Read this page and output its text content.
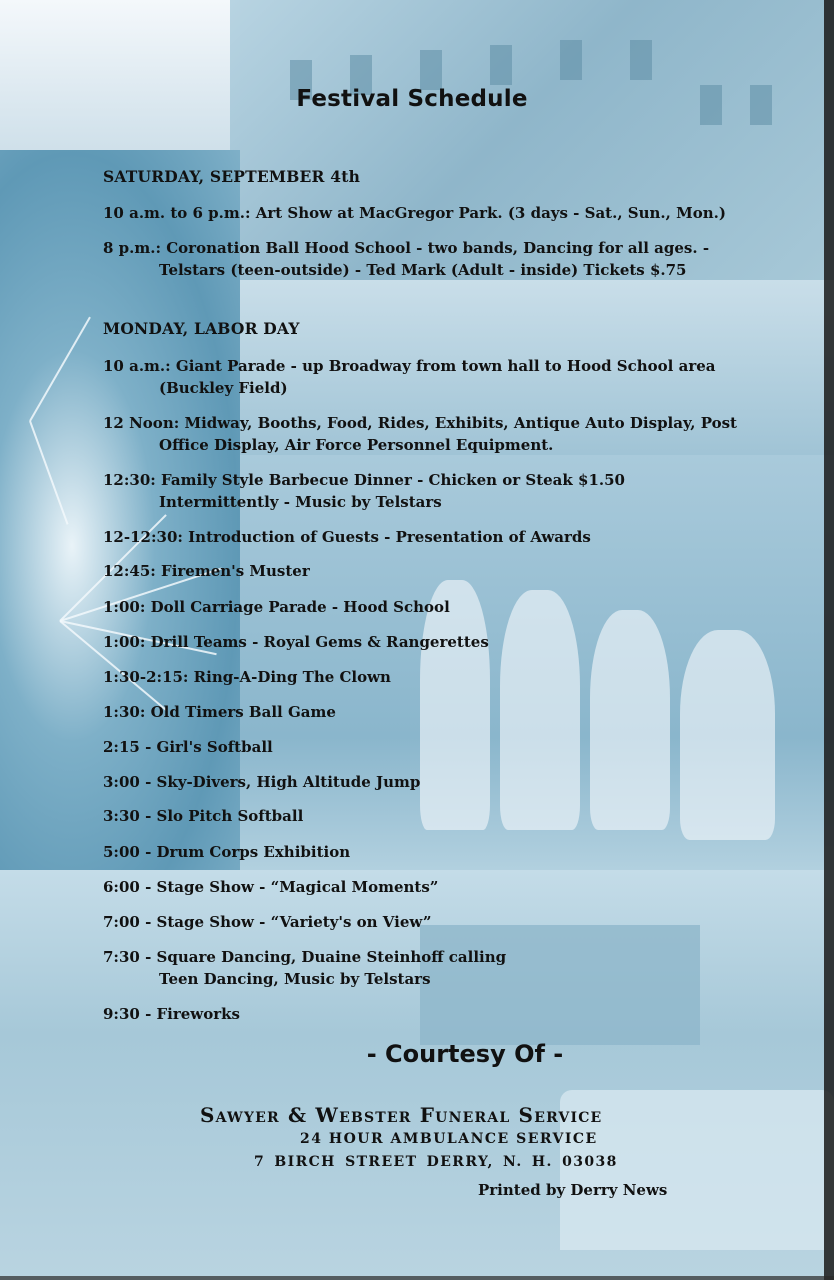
Festival Schedule
SATURDAY, SEPTEMBER 4th
10 a.m. to 6 p.m.: Art Show at MacGregor Park. (3 days - Sat., Sun., Mon.)
8 p.m.: Coronation Ball Hood School - two bands, Dancing for all ages. -
Telstars (teen-outside) - Ted Mark (Adult - inside) Tickets $.75
MONDAY, LABOR DAY
10 a.m.: Giant Parade - up Broadway from town hall to Hood School area
(Buckley Field)
12 Noon: Midway, Booths, Food, Rides, Exhibits, Antique Auto Display, Post
Office Display, Air Force Personnel Equipment.
12:30: Family Style Barbecue Dinner - Chicken or Steak $1.50
Intermittently - Music by Telstars
12-12:30: Introduction of Guests - Presentation of Awards
12:45: Firemen's Muster
1:00: Doll Carriage Parade - Hood School
1:00: Drill Teams - Royal Gems & Rangerettes
1:30-2:15: Ring-A-Ding The Clown
1:30: Old Timers Ball Game
2:15 - Girl's Softball
3:00 - Sky-Divers, High Altitude Jump
3:30 - Slo Pitch Softball
5:00 - Drum Corps Exhibition
6:00 - Stage Show - “Magical Moments”
7:00 - Stage Show - “Variety's on View”
7:30 - Square Dancing, Duaine Steinhoff calling
Teen Dancing, Music by Telstars
9:30 - Fireworks
- Courtesy Of -
Sawyer & Webster Funeral Service
24 HOUR AMBULANCE SERVICE
7 BIRCH STREET DERRY, N. H. 03038
Printed by Derry News
